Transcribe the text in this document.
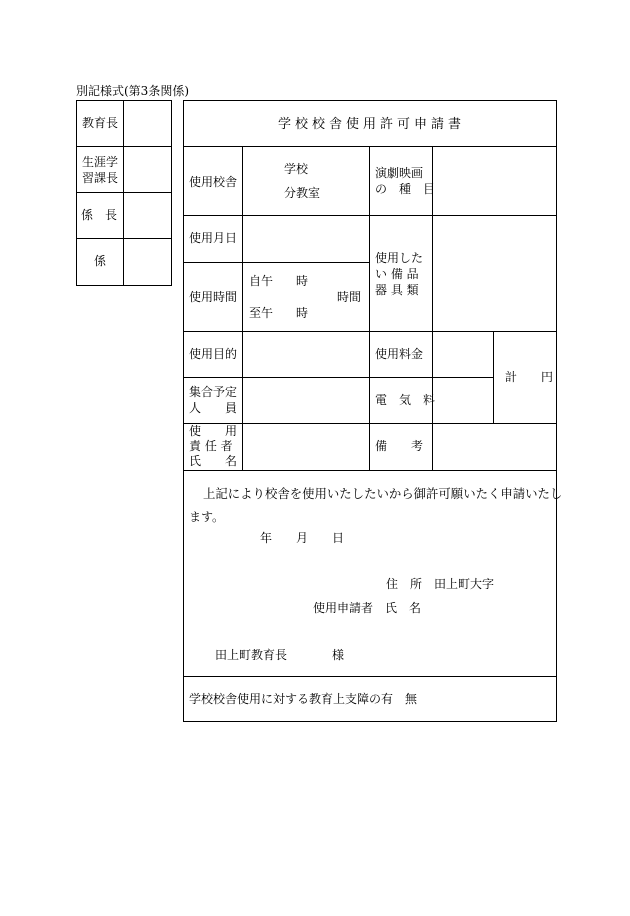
別記様式(第3条関係)
教育長
生涯学
習課長
係　長
係
学校校舎使用許可申請書
使用校舎
学校
分教室
演劇映画
の　種　目
使用月日
使用した
い 備 品
器 具 類
使用時間
自午 時
時間
至午 時
使用目的	使用料金
計　　円
集合予定
人　　員
電　気　料
使　　用
責 任 者
氏　　名
備　　考
上記により校舎を使用いたしたいから御許可願いたく申請いたし
ます。
年　　月　　日
住　所　田上町大字
使用申請者　氏　名
田上町教育長	様
学校校舎使用に対する教育上支障の有　無
